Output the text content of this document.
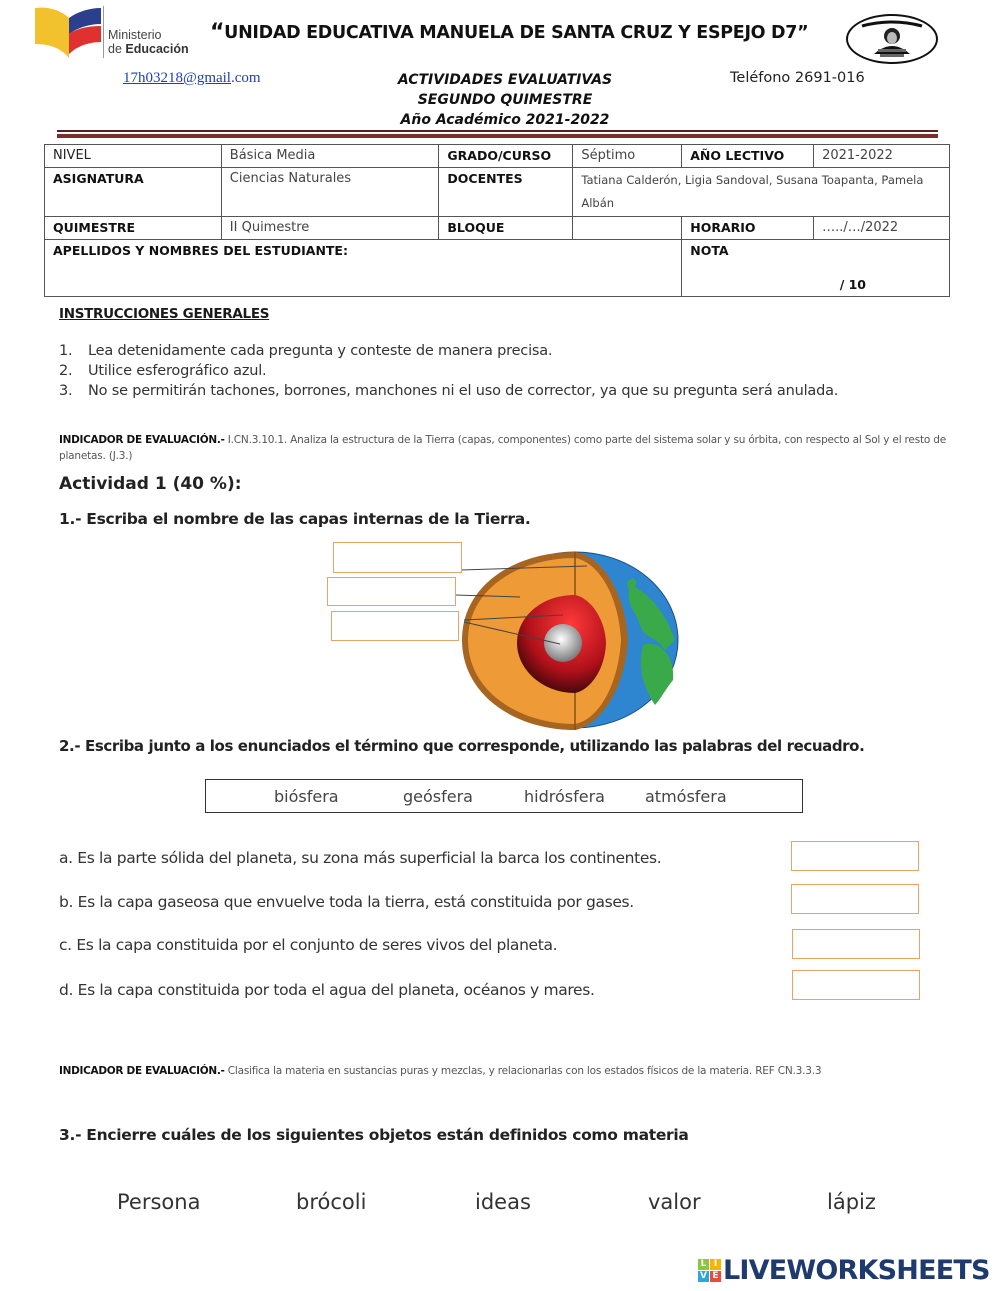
Ministerio
de Educación
“UNIDAD EDUCATIVA MANUELA DE SANTA CRUZ Y ESPEJO D7”
17h03218@gmail.com	ACTIVIDADES EVALUATIVAS
SEGUNDO QUIMESTRE
Año Académico 2021-2022
Teléfono 2691-016
NIVEL	Básica Media	GRADO/CURSO	Séptimo	AÑO LECTIVO	2021-2022
ASIGNATURA	Ciencias Naturales	DOCENTES	Tatiana Calderón, Ligia Sandoval, Susana Toapanta, Pamela Albán		
QUIMESTRE	II Quimestre	BLOQUE		HORARIO	…../…/2022
APELLIDOS Y NOMBRES DEL ESTUDIANTE:				NOTA
/ 10	
INSTRUCCIONES GENERALES
1.	Lea detenidamente cada pregunta y conteste de manera precisa.
2.	Utilice esferográfico azul.
3.	No se permitirán tachones, borrones, manchones ni el uso de corrector, ya que su pregunta será anulada.
INDICADOR DE EVALUACIÓN.- I.CN.3.10.1. Analiza la estructura de la Tierra (capas, componentes) como parte del sistema solar y su órbita, con respecto al Sol y el resto de planetas. (J.3.)
Actividad 1 (40 %):
1.- Escriba el nombre de las capas internas de la Tierra.
2.- Escriba junto a los enunciados el término que corresponde, utilizando las palabras del recuadro.
biósfera	geósfera	hidrósfera	atmósfera
a. Es la parte sólida del planeta, su zona más superficial la barca los continentes.
b. Es la capa gaseosa que envuelve toda la tierra, está constituida por gases.
c. Es la capa constituida por el conjunto de seres vivos del planeta.
d. Es la capa constituida por toda el agua del planeta, océanos y mares.
INDICADOR DE EVALUACIÓN.- Clasifica la materia en sustancias puras y mezclas, y relacionarlas con los estados físicos de la materia. REF CN.3.3.3
3.- Encierre cuáles de los siguientes objetos están definidos como materia
Persona	brócoli	ideas	valor	lápiz
L I
V E LIVEWORKSHEETS
